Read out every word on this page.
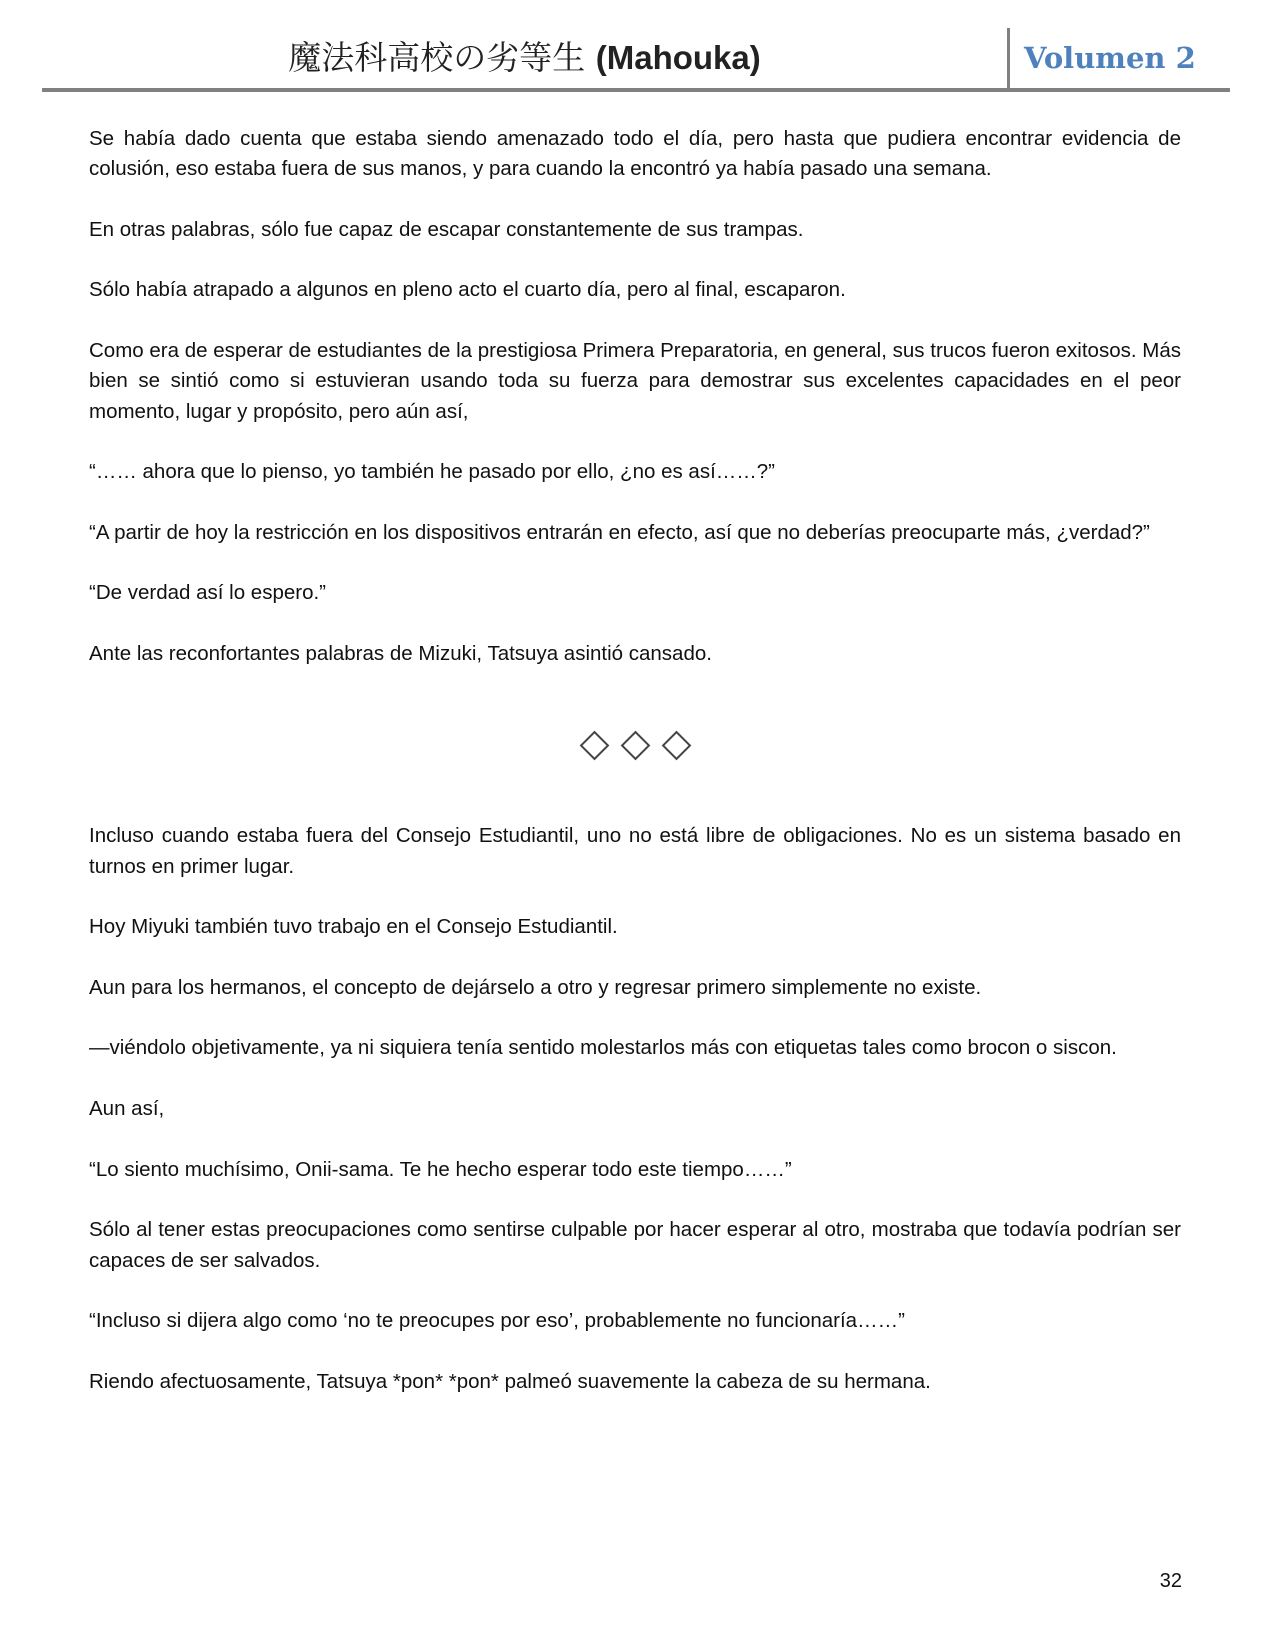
魔法科高校の劣等生 (Mahouka)	Volumen 2

Se había dado cuenta que estaba siendo amenazado todo el día, pero hasta que pudiera encontrar evidencia de colusión, eso estaba fuera de sus manos, y para cuando la encontró ya había pasado una semana.

En otras palabras, sólo fue capaz de escapar constantemente de sus trampas.

Sólo había atrapado a algunos en pleno acto el cuarto día, pero al final, escaparon.

Como era de esperar de estudiantes de la prestigiosa Primera Preparatoria, en general, sus trucos fueron exitosos. Más bien se sintió como si estuvieran usando toda su fuerza para demostrar sus excelentes capacidades en el peor momento, lugar y propósito, pero aún así,

“…… ahora que lo pienso, yo también he pasado por ello, ¿no es así……?”

“A partir de hoy la restricción en los dispositivos entrarán en efecto, así que no deberías preocuparte más, ¿verdad?”

“De verdad así lo espero.”

Ante las reconfortantes palabras de Mizuki, Tatsuya asintió cansado.

Incluso cuando estaba fuera del Consejo Estudiantil, uno no está libre de obligaciones. No es un sistema basado en turnos en primer lugar.

Hoy Miyuki también tuvo trabajo en el Consejo Estudiantil.

Aun para los hermanos, el concepto de dejárselo a otro y regresar primero simplemente no existe.

—viéndolo objetivamente, ya ni siquiera tenía sentido molestarlos más con etiquetas tales como brocon o siscon.

Aun así,

“Lo siento muchísimo, Onii-sama. Te he hecho esperar todo este tiempo……”

Sólo al tener estas preocupaciones como sentirse culpable por hacer esperar al otro, mostraba que todavía podrían ser capaces de ser salvados.

“Incluso si dijera algo como ‘no te preocupes por eso’, probablemente no funcionaría……”

Riendo afectuosamente, Tatsuya *pon* *pon* palmeó suavemente la cabeza de su hermana.

32
